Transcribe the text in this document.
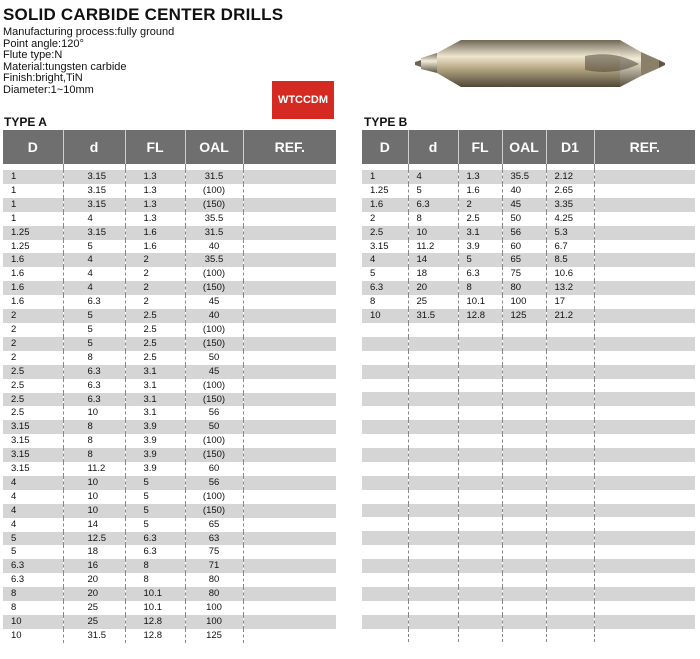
SOLID CARBIDE CENTER DRILLS
Manufacturing process:fully ground
Point angle:120°
Flute type:N
Material:tungsten carbide
Finish:bright,TiN
Diameter:1~10mm
WTCCDM
TYPE A	TYPE B
D	d	FL	OAL	REF.

1	3.15	1.3	31.5	
1	3.15	1.3	(100)	
1	3.15	1.3	(150)	
1	4	1.3	35.5	
1.25	3.15	1.6	31.5	
1.25	5	1.6	40	
1.6	4	2	35.5	
1.6	4	2	(100)	
1.6	4	2	(150)	
1.6	6.3	2	45	
2	5	2.5	40	
2	5	2.5	(100)	
2	5	2.5	(150)	
2	8	2.5	50	
2.5	6.3	3.1	45	
2.5	6.3	3.1	(100)	
2.5	6.3	3.1	(150)	
2.5	10	3.1	56	
3.15	8	3.9	50	
3.15	8	3.9	(100)	
3.15	8	3.9	(150)	
3.15	11.2	3.9	60	
4	10	5	56	
4	10	5	(100)	
4	10	5	(150)	
4	14	5	65	
5	12.5	6.3	63	
5	18	6.3	75	
6.3	16	8	71	
6.3	20	8	80	
8	20	10.1	80	
8	25	10.1	100	
10	25	12.8	100	
10	31.5	12.8	125	
D	d	FL	OAL	D1	REF.

1	4	1.3	35.5	2.12	
1.25	5	1.6	40	2.65	
1.6	6.3	2	45	3.35	
2	8	2.5	50	4.25	
2.5	10	3.1	56	5.3	
3.15	11.2	3.9	60	6.7	
4	14	5	65	8.5	
5	18	6.3	75	10.6	
6.3	20	8	80	13.2	
8	25	10.1	100	17	
10	31.5	12.8	125	21.2	
